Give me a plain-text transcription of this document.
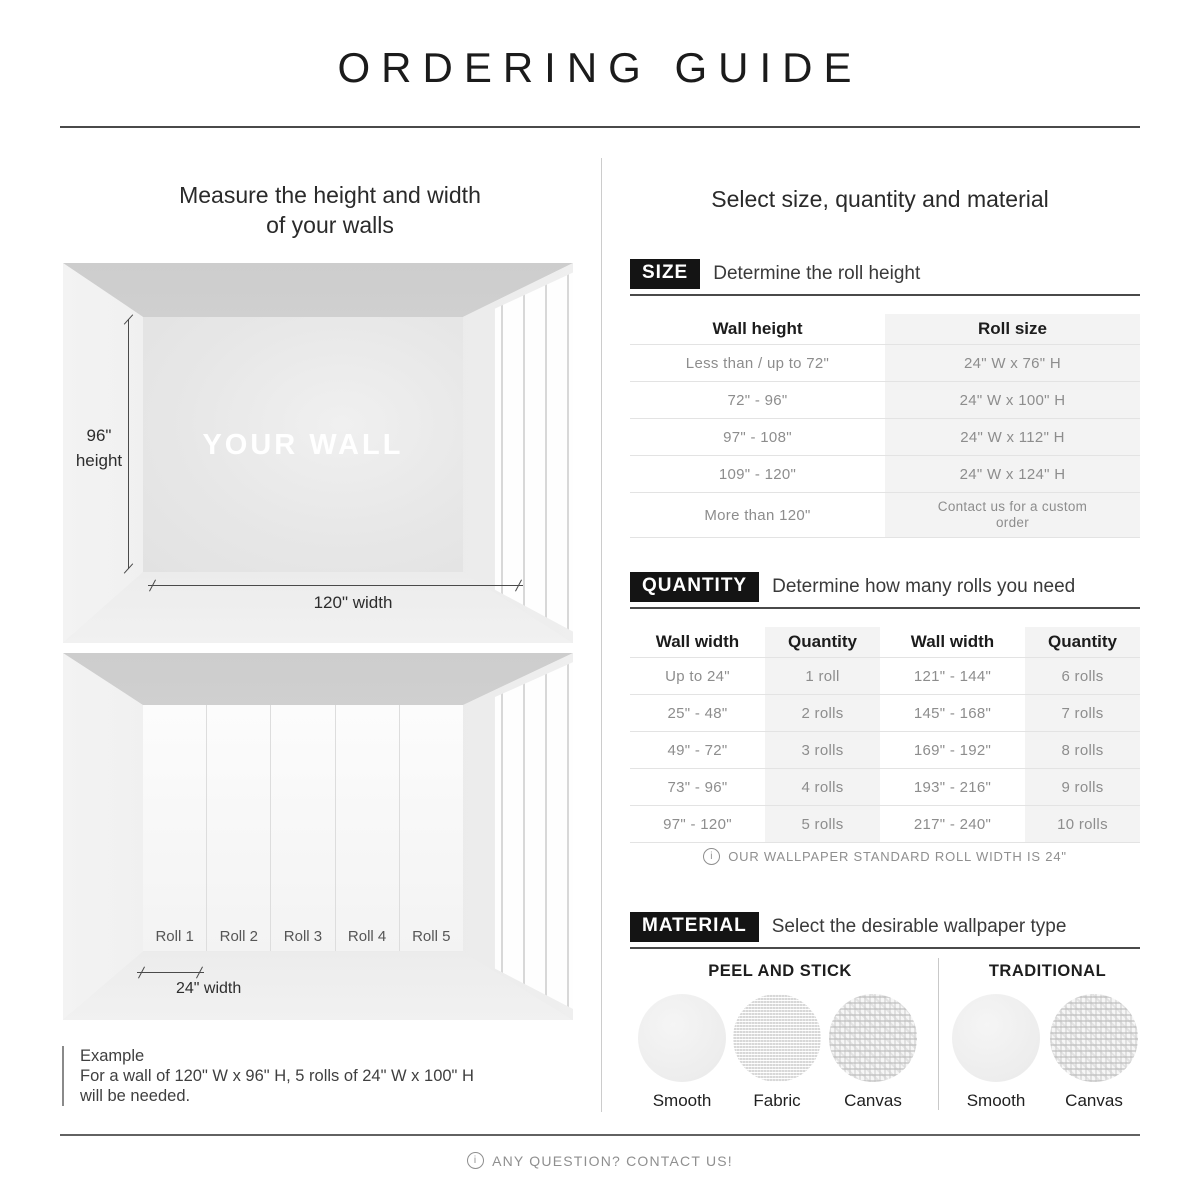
ORDERING GUIDE
Measure the height and width
of your walls
YOUR WALL
96"
height
120" width
Roll 1	Roll 2	Roll 3	Roll 4	Roll 5
24" width
Example
For a wall of 120" W x 96" H, 5 rolls of 24" W x 100" H
will be needed.
Select size, quantity and material
SIZE	Determine the roll height
Wall height	Roll size
Less than / up to 72"	24" W x 76" H
72" - 96"	24" W x 100" H
97" - 108"	24" W x 112" H
109" - 120"	24" W x 124" H
More than 120"	Contact us for a custom order
QUANTITY	Determine how many rolls you need
Wall width	Quantity	Wall width	Quantity
Up to 24"	1 roll	121" - 144"	6 rolls
25" - 48"	2 rolls	145" - 168"	7 rolls
49" - 72"	3 rolls	169" - 192"	8 rolls
73" - 96"	4 rolls	193" - 216"	9 rolls
97" - 120"	5 rolls	217" - 240"	10 rolls
i	OUR WALLPAPER STANDARD ROLL WIDTH IS 24"
MATERIAL	Select the desirable wallpaper type
PEEL AND STICK	TRADITIONAL
Smooth	Fabric	Canvas	Smooth	Canvas
i	ANY QUESTION? CONTACT US!
